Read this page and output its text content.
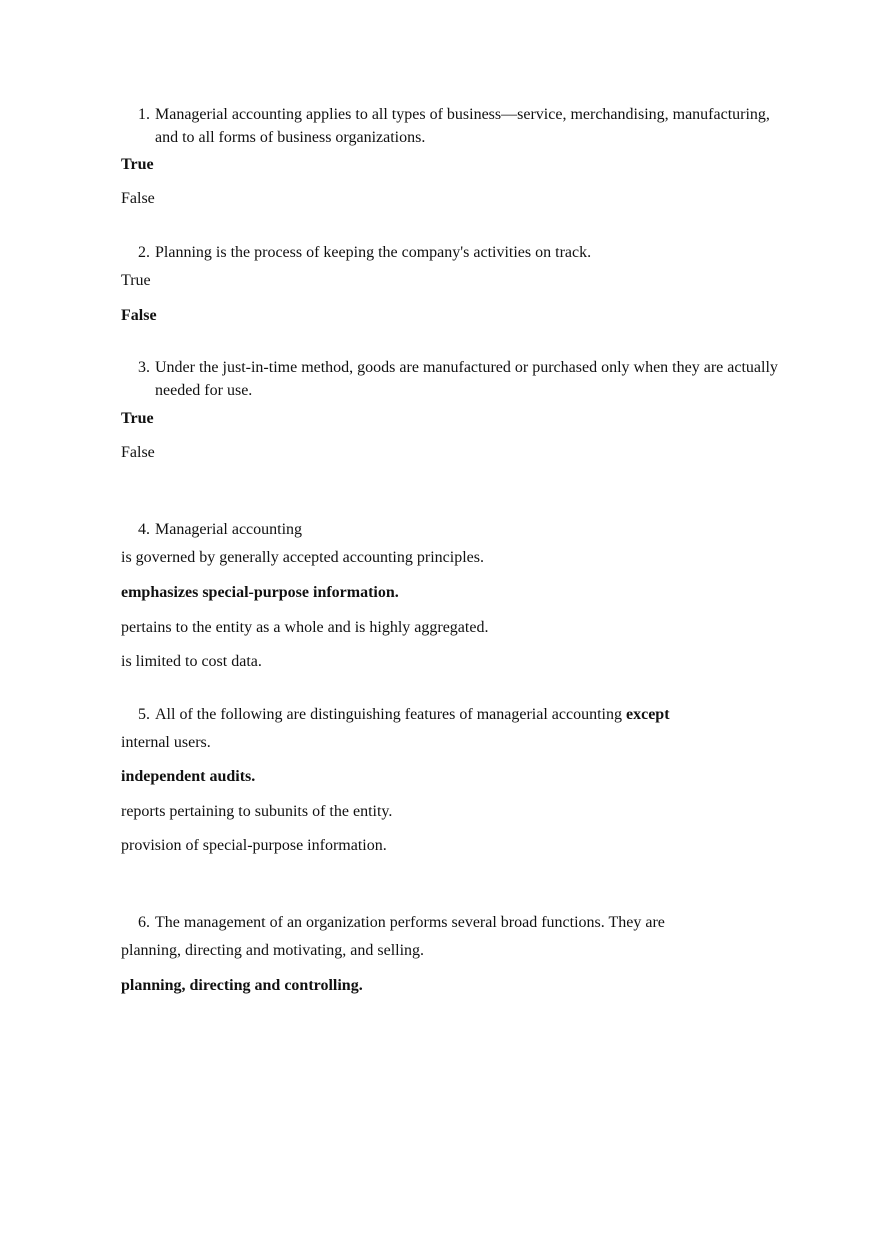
1. Managerial accounting applies to all types of business—service, merchandising, manufacturing, and to all forms of business organizations.
True
False
2. Planning is the process of keeping the company's activities on track.
True
False
3. Under the just-in-time method, goods are manufactured or purchased only when they are actually needed for use.
True
False
4. Managerial accounting
is governed by generally accepted accounting principles.
emphasizes special-purpose information.
pertains to the entity as a whole and is highly aggregated.
is limited to cost data.
5. All of the following are distinguishing features of managerial accounting except
internal users.
independent audits.
reports pertaining to subunits of the entity.
provision of special-purpose information.
6. The management of an organization performs several broad functions. They are
planning, directing and motivating, and selling.
planning, directing and controlling.
